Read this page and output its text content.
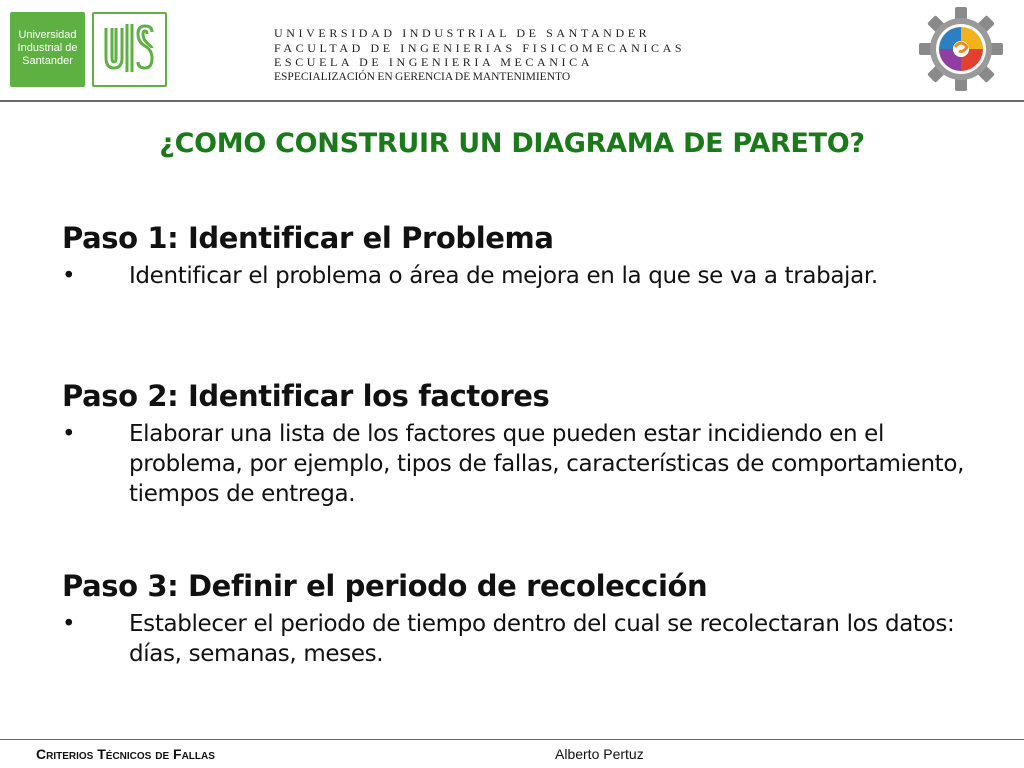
Universidad
Industrial de
Santander
UNIVERSIDAD INDUSTRIAL DE SANTANDER
FACULTAD DE INGENIERIAS FISICOMECANICAS
ESCUELA DE INGENIERIA MECANICA
ESPECIALIZACIÓN EN GERENCIA DE MANTENIMIENTO
¿COMO CONSTRUIR UN DIAGRAMA DE PARETO?
Paso 1: Identificar el Problema
• Identificar el problema o área de mejora en la que se va a trabajar.
Paso 2: Identificar los factores
• Elaborar una lista de los factores que pueden estar incidiendo en el problema, por ejemplo, tipos de fallas, características de comportamiento, tiempos de entrega.
Paso 3: Definir el periodo de recolección
• Establecer el periodo de tiempo dentro del cual se recolectaran los datos: días, semanas, meses.
Criterios Técnicos de Fallas	Alberto Pertuz
